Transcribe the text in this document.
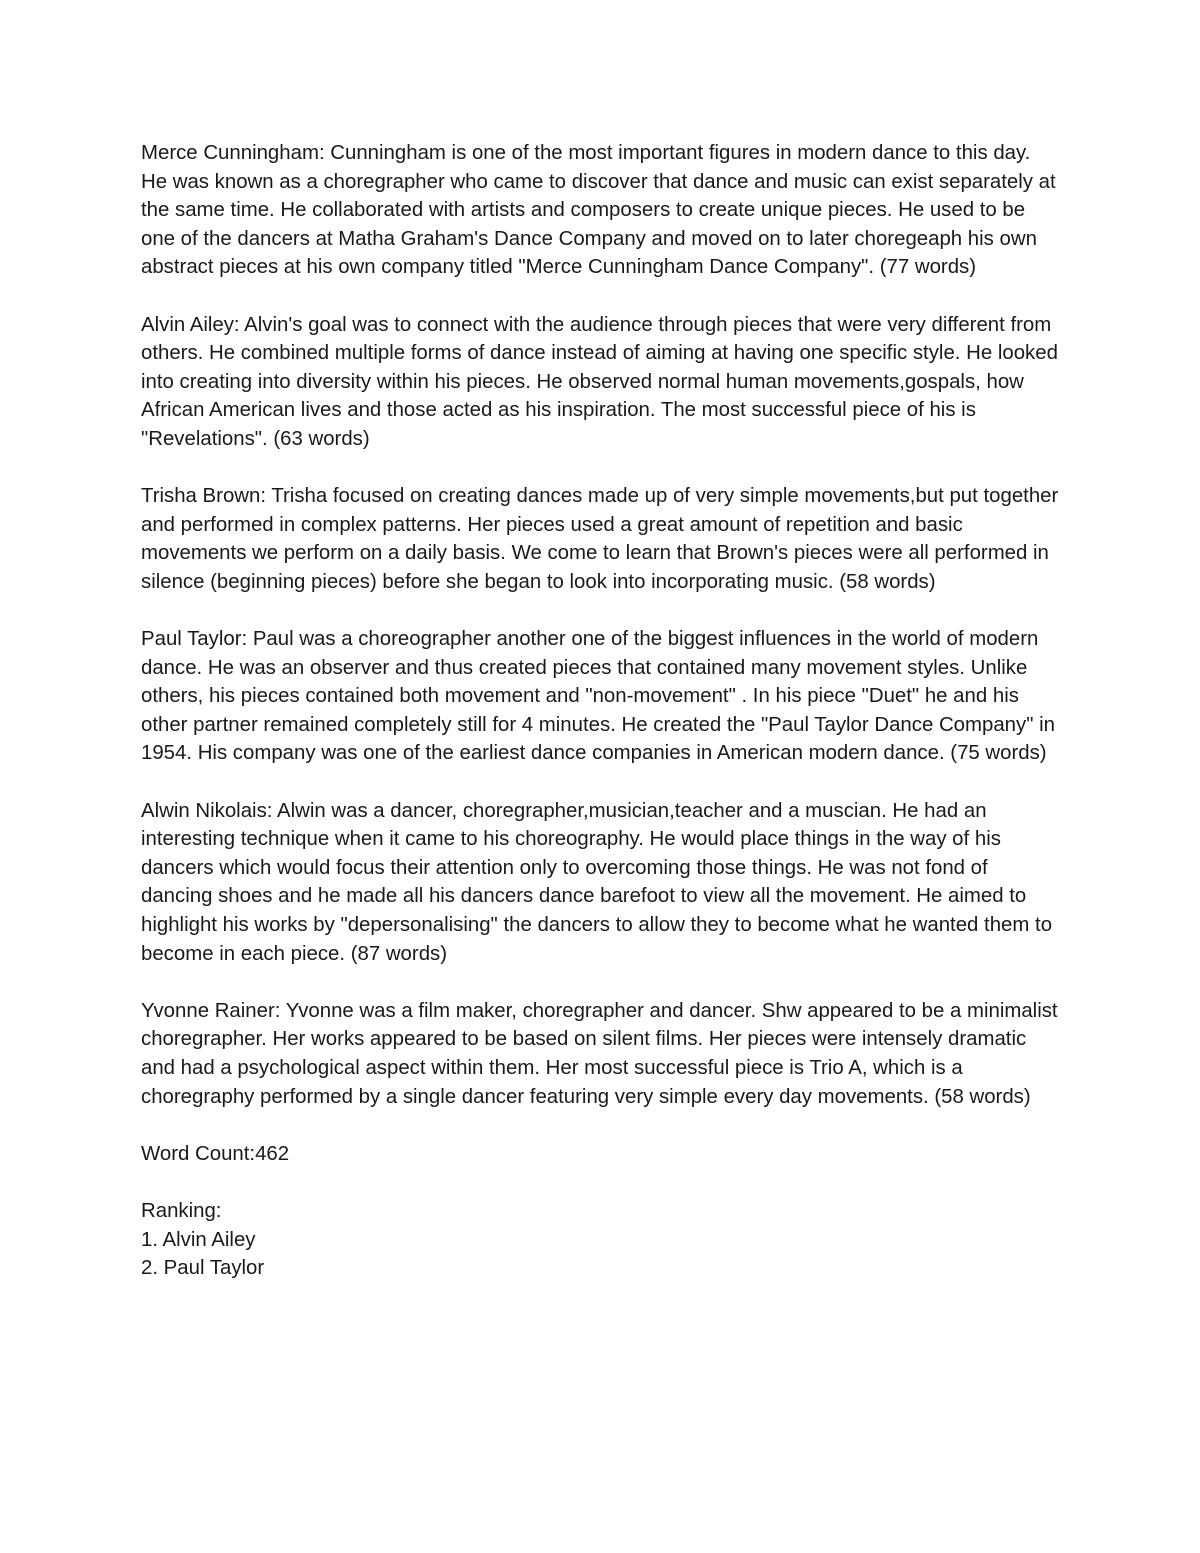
Merce Cunningham: Cunningham is one of the most important figures in modern dance to this day. He was known as a choregrapher who came to discover that dance and music can exist separately at the same time. He collaborated with artists and composers to create unique pieces. He used to be one of the dancers at Matha Graham's Dance Company and moved on to later choregeaph his own abstract pieces at his own company titled "Merce Cunningham Dance Company". (77 words)

Alvin Ailey: Alvin's goal was to connect with the audience through pieces that were very different from others. He combined multiple forms of dance instead of aiming at having one specific style. He looked into creating into diversity within his pieces. He observed normal human movements,gospals, how African American lives and those acted as his inspiration. The most successful piece of his is "Revelations". (63 words)

Trisha Brown: Trisha focused on creating dances made up of very simple movements,but put together and performed in complex patterns. Her pieces used a great amount of repetition and basic movements we perform on a daily basis. We come to learn that Brown's pieces were all performed in silence (beginning pieces) before she began to look into incorporating music. (58 words)

Paul Taylor: Paul was a choreographer another one of the biggest influences in the world of modern dance. He was an observer and thus created pieces that contained many movement styles. Unlike others, his pieces contained both movement and "non-movement" . In his piece "Duet" he and his other partner remained completely still for 4 minutes. He created the "Paul Taylor Dance Company" in 1954. His company was one of the earliest dance companies in American modern dance. (75 words)

Alwin Nikolais: Alwin was a dancer, choregrapher,musician,teacher and a muscian. He had an interesting technique when it came to his choreography. He would place things in the way of his dancers which would focus their attention only to overcoming those things. He was not fond of dancing shoes and he made all his dancers dance barefoot to view all the movement. He aimed to highlight his works by "depersonalising" the dancers to allow they to become what he wanted them to become in each piece. (87 words)

Yvonne Rainer: Yvonne was a film maker, choregrapher and dancer. Shw appeared to be a minimalist choregrapher. Her works appeared to be based on silent films. Her pieces were intensely dramatic and had a psychological aspect within them. Her most successful piece is Trio A, which is a choregraphy performed by a single dancer featuring very simple every day movements. (58 words)

Word Count:462

Ranking:
1. Alvin Ailey
2. Paul Taylor
